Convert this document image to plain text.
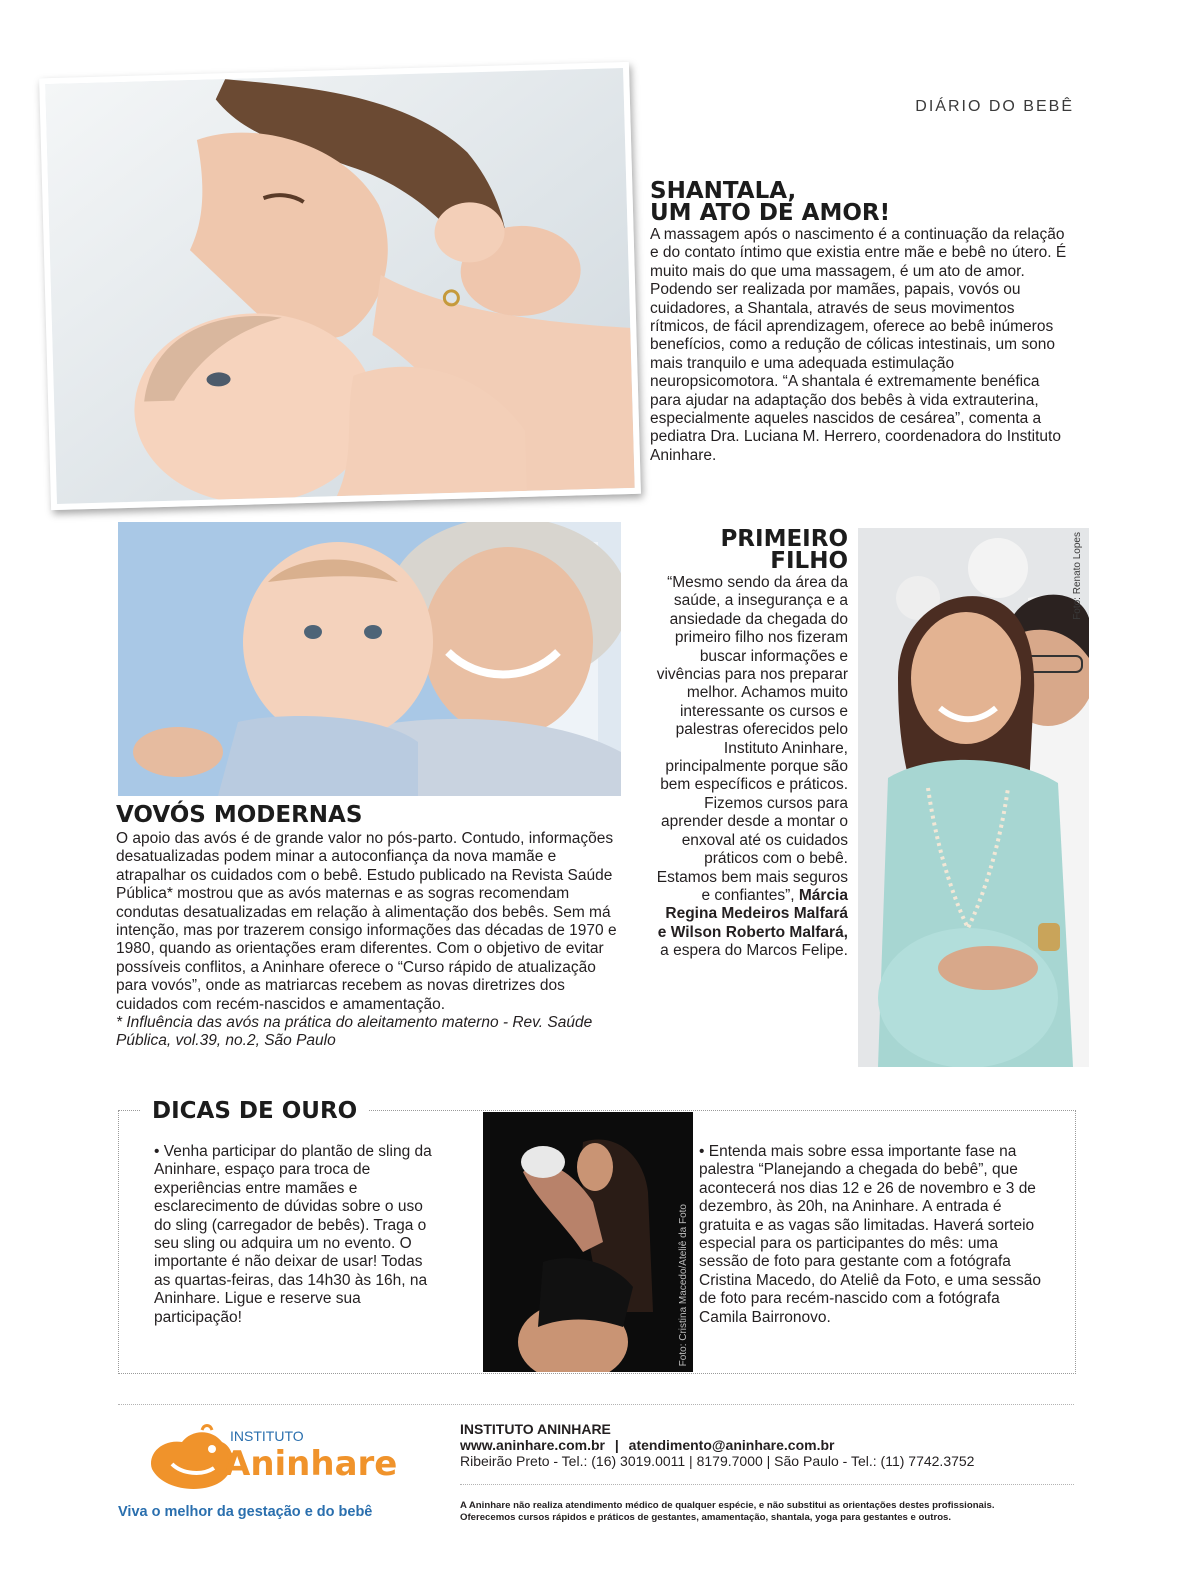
DIÁRIO DO BEBÊ
SHANTALA,
UM ATO DE AMOR!

A massagem após o nascimento é a continuação da relação e do contato íntimo que existia entre mãe e bebê no útero. É muito mais do que uma massagem, é um ato de amor. Podendo ser realizada por mamães, papais, vovós ou cuidadores, a Shantala, através de seus movimentos rítmicos, de fácil aprendizagem, oferece ao bebê inúmeros benefícios, como a redução de cólicas intestinais, um sono mais tranquilo e uma adequada estimulação neuropsicomotora. “A shantala é extremamente benéfica para ajudar na adaptação dos bebês à vida extrauterina, especialmente aqueles nascidos de cesárea”, comenta a pediatra Dra. Luciana M. Herrero, coordenadora do Instituto Aninhare.

VOVÓS MODERNAS

O apoio das avós é de grande valor no pós-parto. Contudo, informações desatualizadas podem minar a autoconfiança da nova mamãe e atrapalhar os cuidados com o bebê. Estudo publicado na Revista Saúde Pública* mostrou que as avós maternas e as sogras recomendam condutas desatualizadas em relação à alimentação dos bebês. Sem má intenção, mas por trazerem consigo informações das décadas de 1970 e 1980, quando as orientações eram diferentes. Com o objetivo de evitar possíveis conflitos, a Aninhare oferece o “Curso rápido de atualização para vovós”, onde as matriarcas recebem as novas diretrizes dos cuidados com recém-nascidos e amamentação.

* Influência das avós na prática do aleitamento materno - Rev. Saúde Pública, vol.39, no.2, São Paulo

PRIMEIRO
FILHO

“Mesmo sendo da área da saúde, a insegurança e a ansiedade da chegada do primeiro filho nos fizeram buscar informações e vivências para nos preparar melhor. Achamos muito interessante os cursos e palestras oferecidos pelo Instituto Aninhare, principalmente porque são bem específicos e práticos. Fizemos cursos para aprender desde a montar o enxoval até os cuidados práticos com o bebê. Estamos bem mais seguros e confiantes”, Márcia Regina Medeiros Malfará e Wilson Roberto Malfará, a espera do Marcos Felipe.

Foto: Renato Lopes
DICAS DE OURO

• Venha participar do plantão de sling da Aninhare, espaço para troca de experiências entre mamães e esclarecimento de dúvidas sobre o uso do sling (carregador de bebês). Traga o seu sling ou adquira um no evento. O importante é não deixar de usar! Todas as quartas-feiras, das 14h30 às 16h, na Aninhare. Ligue e reserve sua participação!	Foto: Cristina Macedo/Ateliê da Foto

• Entenda mais sobre essa importante fase na palestra “Planejando a chegada do bebê”, que acontecerá nos dias 12 e 26 de novembro e 3 de dezembro, às 20h, na Aninhare. A entrada é gratuita e as vagas são limitadas. Haverá sorteio especial para os participantes do mês: uma sessão de foto para gestante com a fotógrafa Cristina Macedo, do Ateliê da Foto, e uma sessão de foto para recém-nascido com a fotógrafa Camila Bairronovo.

INSTITUTO
Aninhare
Viva o melhor da gestação e do bebê
INSTITUTO ANINHARE
www.aninhare.com.br | atendimento@aninhare.com.br
Ribeirão Preto - Tel.: (16) 3019.0011 | 8179.7000 | São Paulo - Tel.: (11) 7742.3752
A Aninhare não realiza atendimento médico de qualquer espécie, e não substitui as orientações destes profissionais.
Oferecemos cursos rápidos e práticos de gestantes, amamentação, shantala, yoga para gestantes e outros.
